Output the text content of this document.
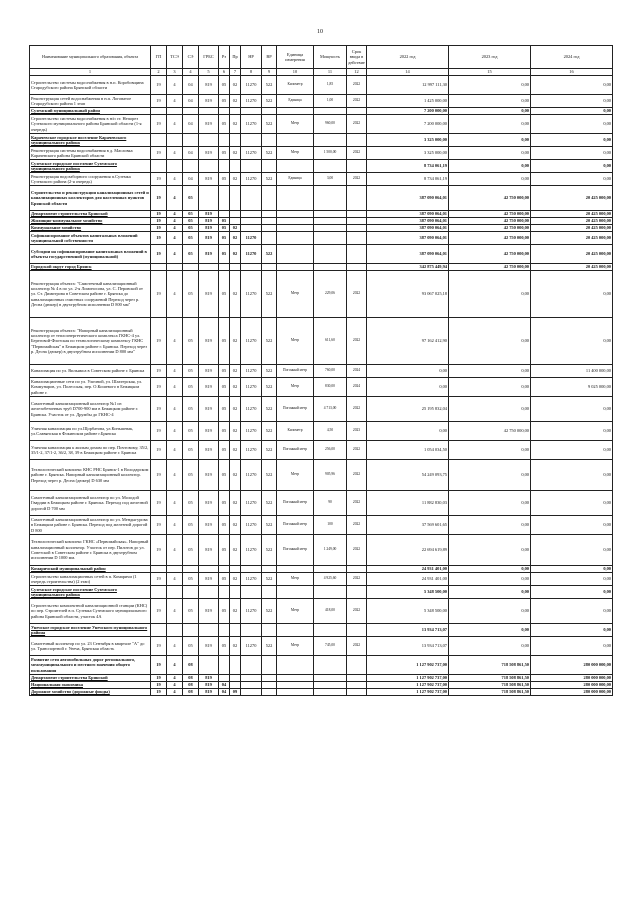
10
Наименование муниципального образования, объекта	ГП	ТСЭ	СЭ	ГРБС	Рз	Пр	НР	ВР	Единица измерения	Мощность	Срок ввода в действие	2022 год	2023 год	2024 год
1	2	3	4	5	6	7	8	9	10	11	12	14	15	16
Строительство системы водоснабжения в н.п. Коробовщина Стародубского района Брянской области	19	4	04	819	05	02	11270	522	Километр	1,85	2022	12 997 111,30	0,00	0,00
Реконструкция сетей водоснабжения в н.п. Логоватое Стародубского района 1 этап	19	4	04	819	05	02	11270	522	Единица	1,00	2022	1 425 000,00	0,00	0,00
Суземский муниципальный район												7 200 000,00	0,00	0,00
Строительство системы водоснабжения в н/п ст. Непорез Суземского муниципального района Брянской области (1-я очередь)	19	4	04	819	05	02	11270	522	Метр	960,00	2022	7 200 000,00	0,00	0,00
Карачевское городское поселение Карачевского муниципального района												3 325 000,00	0,00	0,00
Реконструкция системы водоснабжения в д. Масловка Карачевского района Брянской области	19	4	04	819	05	02	11270	522	Метр	1 500,00	2022	3 325 000,00	0,00	0,00
Суземское городское поселение Суземского муниципального района												8 734 061,19	0,00	0,00
Реконструкция водозаборного сооружения п.Суземка Суземского района (2-я очередь)	19	4	04	819	05	02	11270	522	Единица	3,00	2022	8 734 061,19	0,00	0,00
Строительство и реконструкция канализационных сетей и канализационных коллекторов для населенных пунктов Брянской области	19	4	05									387 090 064,01	42 750 000,00	20 425 000,00
Департамент строительства Брянской	19	4	05	819								387 090 064,01	42 750 000,00	20 425 000,00
Жилищно-коммунальное хозяйство	19	4	05	819	05							387 090 064,01	42 750 000,00	20 425 000,00
Коммунальное хозяйство	19	4	05	819	05	02						387 090 064,01	42 750 000,00	20 425 000,00
Софинансирование объектов капитальных вложений муниципальной собственности	19	4	05	819	05	02	11270					387 090 064,01	42 750 000,00	20 425 000,00
Субсидии на софинансирование капитальных вложений в объекты государственной (муниципальной)	19	4	05	819	05	02	11270	522				387 090 064,01	42 750 000,00	20 425 000,00
Городской округ город Брянск												342 875 449,94	42 750 000,00	20 425 000,00
Реконструкция объекта: "Самотечный канализационный коллектор № 4 в по ул. 2-я Ломоносова, ул. С. Перовской от ул. Ст. Димитрова в Советском районе г. Брянска до канализационных очистных сооружений Переход через р. Десна (дюкер) в двухтрубном исполнении D 800 мм"	19	4	05	819	05	02	11270	522	Метр	229,06	2022	93 067 025,18	0,00	0,00
Реконструкция объекта: "Напорный канализационный коллектор от теплоэнергетического комплекса ГКНС-4 ул. Береговой-Флотская по технологическому комплексу ГКНС "Первомайская" в Бежицком районе г. Брянска. Переход через р. Десна (дюкер) в двухтрубном исполнении D 800 мм"	19	4	05	819	05	02	11270	522	Метр	611,60	2022	97 162 412,90	0,00	0,00
Канализация по ул. Вильямса в Советском районе г. Брянска	19	4	05	819	05	02	11270	522	Погонный метр	760,00	2024	0,00	0,00	11 400 000,00
Канализационные сети по ул. Уличной, ул. Шахтерская, ул. Коммунаров, ул. Полесская, пер. О.Кошевого в Бежицком районе г.	19	4	05	819	05	02	11270	522	Метр	830,00	2024	0,00	0,00	9 025 000,00
Самотечный канализационный коллектор №1 из железобетонных труб D700-900 мм в Бежицком районе г. Брянска. Участок от ул. Дружбы до ГКНС-4	19	4	05	819	05	02	11270	522	Погонный метр	4 713,00	2022	25 195 832,04	0,00	0,00
Уличная канализация по ул.Щорбатова, ул.Коньшевак, ул.Славянская в Фокинском районе г.Брянска	19	4	05	819	05	02	11270	522	Километр	4,50	2023	0,00	42 750 000,00	0,00
Уличная канализация к жилым домам по пер. Почтовому, 35/2, 35/1-2, 37/1-2, 36/2, 38, 39 в Бежицком районе г. Брянска	19	4	05	819	05	02	11270	522	Погонный метр	256,00	2022	1 054 034,50	0,00	0,00
Технологический комплекс КНС РНС Брянск-1 в Володарском районе г. Брянска. Напорный канализационный коллектор. Переход через р. Десна (дюкер) D 630 мм	19	4	05	819	05	02	11270	522	Метр	905,96	2022	54 249 093,75	0,00	0,00
Самотечный канализационный коллектор по ул. Молодой Гвардии в Бежицком районе г. Брянска. Переход под железной дорогой D 700 мм	19	4	05	819	05	02	11270	522	Погонный метр	90	2022	11 882 830,03	0,00	0,00
Самотечный канализационный коллектор по ул. Мендыгурова в Бежицком районе г. Брянска. Переход под железной дорогой D 800	19	4	05	819	05	02	11270	522	Погонный метр	100	2022	37 569 601,65	0,00	0,00
Технологический комплекс ГКНС «Первомайская». Напорный канализационный коллектор. Участок от пер. Пилотов до ул. Советской в Советском районе г. Брянска в двухтрубном исполнении D 1000 мм.	19	4	05	819	05	02	11270	522	Погонный метр	1 249,00	2022	22 694 619,89	0,00	0,00
Комаричский муниципальный район												24 931 401,00	0,00	0,00
Строительство канализационных сетей в п. Комаричи (1 очередь строительства) (2 этап)	19	4	05	819	05	02	11270	522	Метр	4 925,60	2022	24 931 401,00	0,00	0,00
Суземское городское поселение Суземского муниципального района												5 348 500,00	0,00	0,00
Строительство комплектной канализационной станции (КНС) по пер. Строителей в п. Суземка Суземского муниципального района Брянской области, участок 4А	19	4	05	819	05	02	11270	522	Метр	418,00	2022	5 348 500,00	0,00	0,00
Унечское городское поселение Унечского муниципального района												13 934 713,07	0,00	0,00
Самотечный коллектор по ул. 23 Сентября в квартале "А" до ул. Транспортной г. Унеча, Брянская область	19	4	05	819	05	02	11270	522	Метр	745,00	2022	13 934 713,07	0,00	0,00
Развитие сети автомобильных дорог регионального, межмуниципального и местного значения общего пользования	19	4	08									1 127 902 737,00	718 508 861,50	280 000 000,00
Департамент строительства Брянской	19	4	08	819								1 127 902 737,00	718 508 861,50	280 000 000,00
Национальная экономика	19	4	08	819	04							1 127 902 737,00	718 508 861,50	280 000 000,00
Дорожное хозяйство (дорожные фонды)	19	4	08	819	04	09						1 127 902 737,00	718 508 861,50	280 000 000,00
